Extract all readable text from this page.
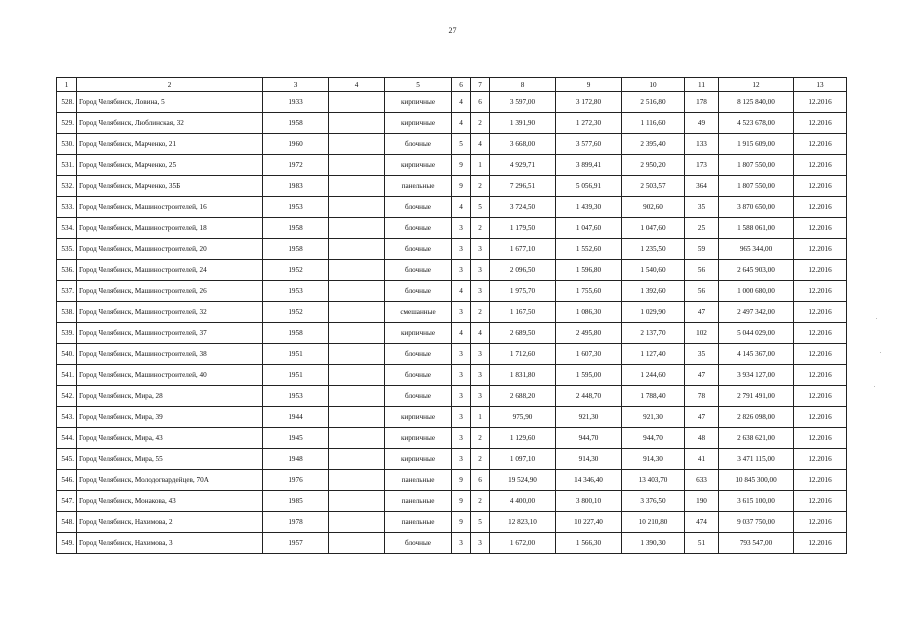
27
1	2	3	4	5	6	7	8	9	10	11	12	13
528.	Город Челябинск, Ловина, 5	1933		кирпичные	4	6	3 597,00	3 172,80	2 516,80	178	8 125 840,00	12.2016
529.	Город Челябинск, Люблинская, 32	1958		кирпичные	4	2	1 391,90	1 272,30	1 116,60	49	4 523 678,00	12.2016
530.	Город Челябинск, Марченко, 21	1960		блочные	5	4	3 668,00	3 577,60	2 395,40	133	1 915 609,00	12.2016
531.	Город Челябинск, Марченко, 25	1972		кирпичные	9	1	4 929,71	3 899,41	2 950,20	173	1 807 550,00	12.2016
532.	Город Челябинск, Марченко, 35Б	1983		панельные	9	2	7 296,51	5 056,91	2 503,57	364	1 807 550,00	12.2016
533.	Город Челябинск, Машиностроителей, 16	1953		блочные	4	5	3 724,50	1 439,30	902,60	35	3 870 650,00	12.2016
534.	Город Челябинск, Машиностроителей, 18	1958		блочные	3	2	1 179,50	1 047,60	1 047,60	25	1 588 061,00	12.2016
535.	Город Челябинск, Машиностроителей, 20	1958		блочные	3	3	1 677,10	1 552,60	1 235,50	59	965 344,00	12.2016
536.	Город Челябинск, Машиностроителей, 24	1952		блочные	3	3	2 096,50	1 596,80	1 540,60	56	2 645 903,00	12.2016
537.	Город Челябинск, Машиностроителей, 26	1953		блочные	4	3	1 975,70	1 755,60	1 392,60	56	1 000 680,00	12.2016
538.	Город Челябинск, Машиностроителей, 32	1952		смешанные	3	2	1 167,50	1 086,30	1 029,90	47	2 497 342,00	12.2016
539.	Город Челябинск, Машиностроителей, 37	1958		кирпичные	4	4	2 689,50	2 495,80	2 137,70	102	5 044 029,00	12.2016
540.	Город Челябинск, Машиностроителей, 38	1951		блочные	3	3	1 712,60	1 607,30	1 127,40	35	4 145 367,00	12.2016
541.	Город Челябинск, Машиностроителей, 40	1951		блочные	3	3	1 831,80	1 595,00	1 244,60	47	3 934 127,00	12.2016
542.	Город Челябинск, Мира, 28	1953		блочные	3	3	2 688,20	2 448,70	1 788,40	78	2 791 491,00	12.2016
543.	Город Челябинск, Мира, 39	1944		кирпичные	3	1	975,90	921,30	921,30	47	2 826 098,00	12.2016
544.	Город Челябинск, Мира, 43	1945		кирпичные	3	2	1 129,60	944,70	944,70	48	2 638 621,00	12.2016
545.	Город Челябинск, Мира, 55	1948		кирпичные	3	2	1 097,10	914,30	914,30	41	3 471 115,00	12.2016
546.	Город Челябинск, Молодогвардейцев, 70А	1976		панельные	9	6	19 524,90	14 346,40	13 403,70	633	10 845 300,00	12.2016
547.	Город Челябинск, Монакова, 43	1985		панельные	9	2	4 400,00	3 800,10	3 376,50	190	3 615 100,00	12.2016
548.	Город Челябинск, Нахимова, 2	1978		панельные	9	5	12 823,10	10 227,40	10 210,80	474	9 037 750,00	12.2016
549.	Город Челябинск, Нахимова, 3	1957		блочные	3	3	1 672,00	1 566,30	1 390,30	51	793 547,00	12.2016
